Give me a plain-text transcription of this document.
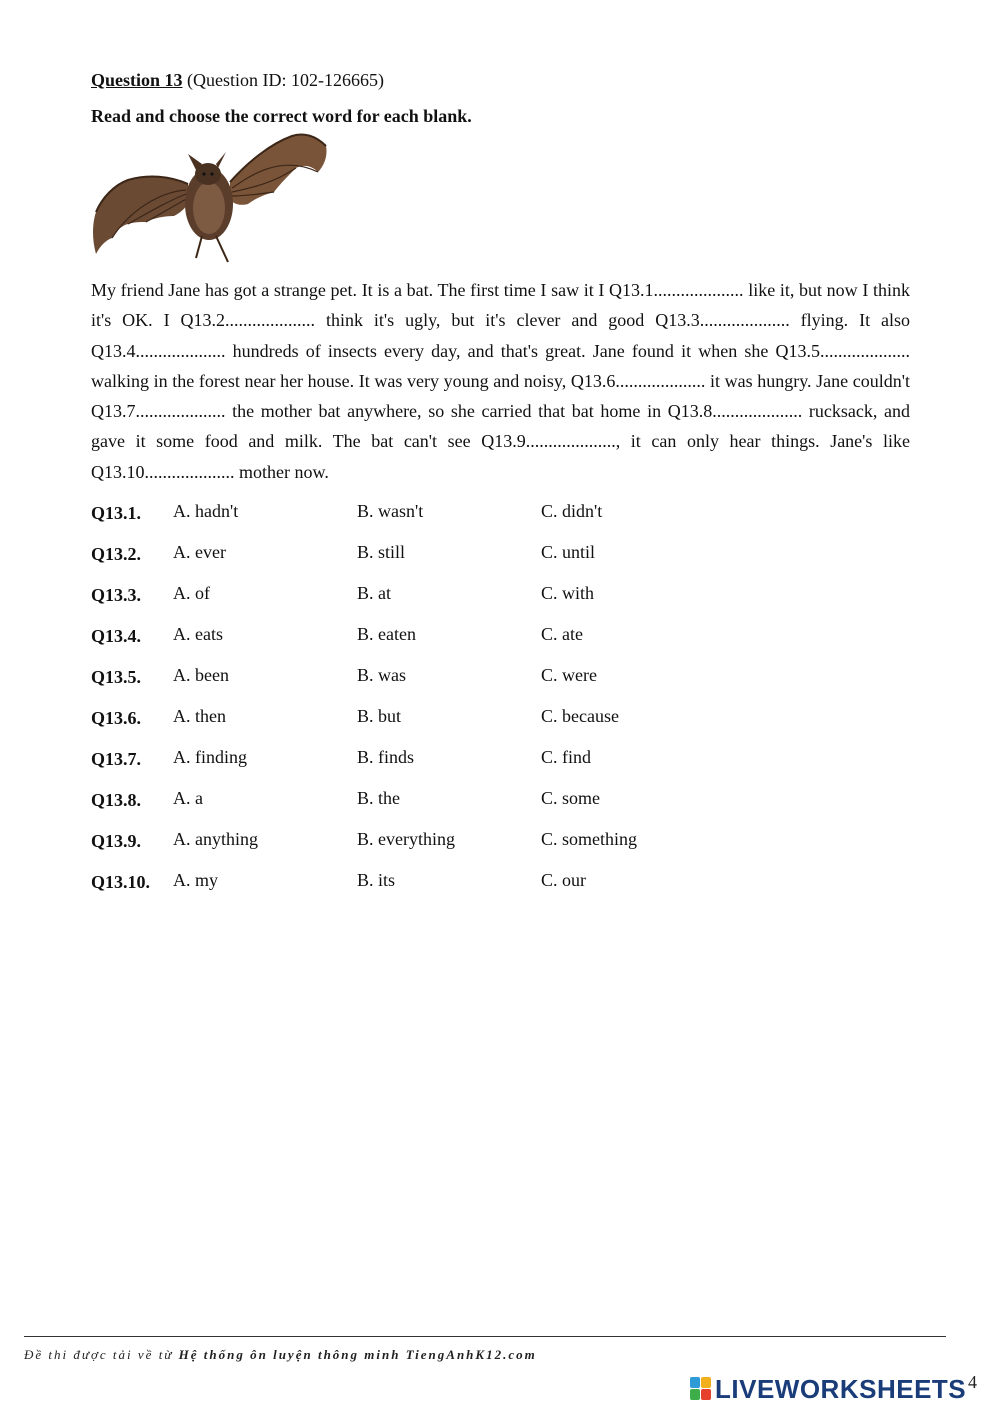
Question 13 (Question ID: 102-126665)
Read and choose the correct word for each blank.

My friend Jane has got a strange pet. It is a bat. The first time I saw it I Q13.1.................... like it, but now I think it's OK. I Q13.2.................... think it's ugly, but it's clever and good Q13.3.................... flying. It also Q13.4.................... hundreds of insects every day, and that's great. Jane found it when she Q13.5.................... walking in the forest near her house. It was very young and noisy, Q13.6.................... it was hungry. Jane couldn't Q13.7.................... the mother bat anywhere, so she carried that bat home in Q13.8.................... rucksack, and gave it some food and milk. The bat can't see Q13.9...................., it can only hear things. Jane's like Q13.10.................... mother now.

Q13.1. A. hadn't	B. wasn't	C. didn't
Q13.2. A. ever	B. still	C. until
Q13.3. A. of	B. at	C. with
Q13.4. A. eats	B. eaten	C. ate
Q13.5. A. been	B. was	C. were
Q13.6. A. then	B. but	C. because
Q13.7. A. finding	B. finds	C. find
Q13.8. A. a	B. the	C. some
Q13.9. A. anything	B. everything	C. something
Q13.10. A. my	B. its	C. our
Đề thi được tải về từ Hệ thống ôn luyện thông minh TiengAnhK12.com
LIVEWORKSHEETS 4
